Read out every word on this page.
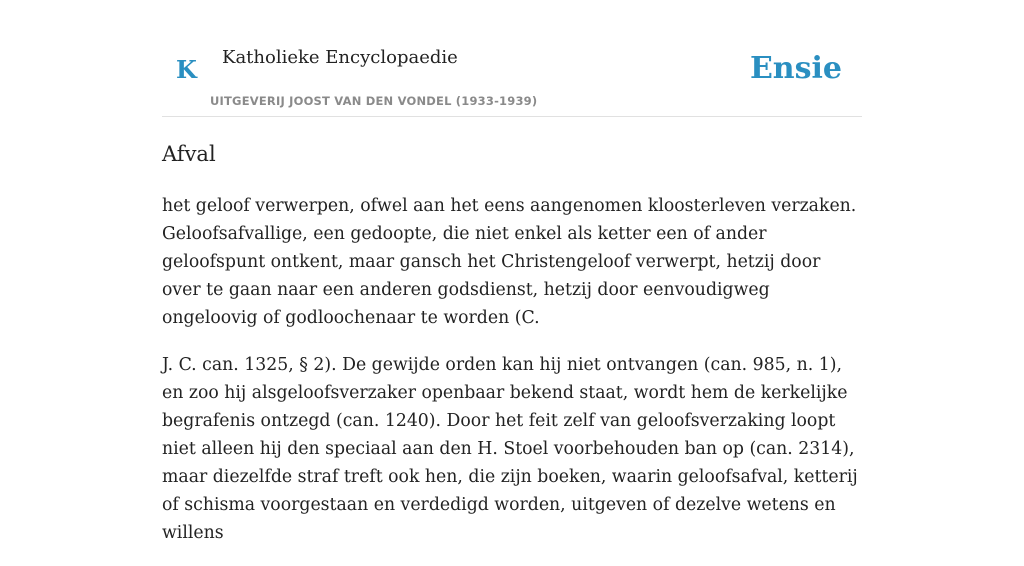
K Katholieke Encyclopaedie
UITGEVERIJ JOOST VAN DEN VONDEL (1933-1939)
Ensie
Afval

het geloof verwerpen, ofwel aan het eens aangenomen kloosterleven verzaken. Geloofsafvallige, een gedoopte, die niet enkel als ketter een of ander geloofspunt ontkent, maar gansch het Christengeloof verwerpt, hetzij door over te gaan naar een anderen godsdienst, hetzij door eenvoudigweg ongeloovig of godloochenaar te worden (C.

J. C. can. 1325, § 2). De gewijde orden kan hij niet ontvangen (can. 985, n. 1), en zoo hij alsgeloofsverzaker openbaar bekend staat, wordt hem de kerkelijke begrafenis ontzegd (can. 1240). Door het feit zelf van geloofsverzaking loopt niet alleen hij den speciaal aan den H. Stoel voorbehouden ban op (can. 2314), maar diezelfde straf treft ook hen, die zijn boeken, waarin geloofsafval, ketterij of schisma voorgestaan en verdedigd worden, uitgeven of dezelve wetens en willens
